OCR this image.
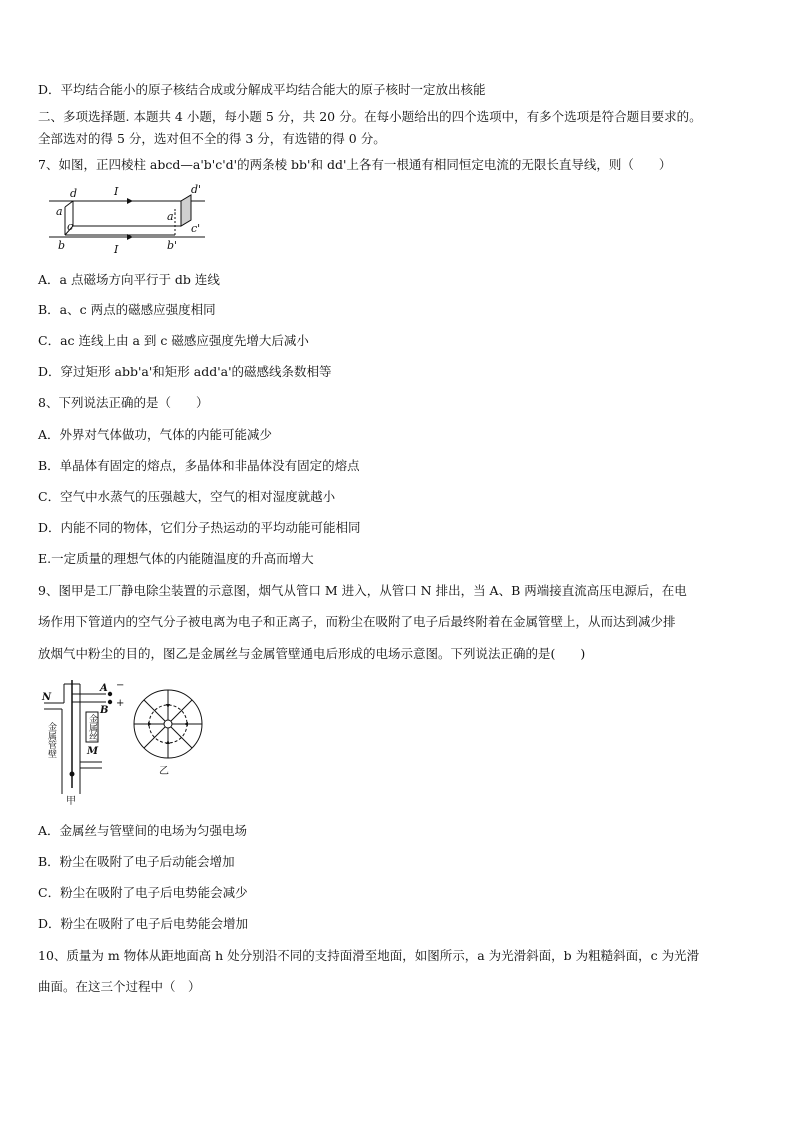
D．平均结合能小的原子核结合成或分解成平均结合能大的原子核时一定放出核能
二、多项选择题. 本题共 4 小题，每小题 5 分，共 20 分。在每小题给出的四个选项中，有多个选项是符合题目要求的。
全部选对的得 5 分，选对但不全的得 3 分，有选错的得 0 分。
7、如图，正四棱柱 abcd—a'b'c'd'的两条棱 bb'和 dd'上各有一根通有相同恒定电流的无限长直导线，则（　　）
d	d'
a	a'
c	c'
b	b'
I
I
A．a 点磁场方向平行于 db 连线
B．a、c 两点的磁感应强度相同
C．ac 连线上由 a 到 c 磁感应强度先增大后减小
D．穿过矩形 abb'a'和矩形 add'a'的磁感线条数相等
8、下列说法正确的是（　　）
A．外界对气体做功，气体的内能可能减少
B．单晶体有固定的熔点，多晶体和非晶体没有固定的熔点
C．空气中水蒸气的压强越大，空气的相对湿度就越小
D．内能不同的物体，它们分子热运动的平均动能可能相同
E.一定质量的理想气体的内能随温度的升高而增大
9、图甲是工厂静电除尘装置的示意图，烟气从管口 M 进入，从管口 N 排出，当 A、B 两端接直流高压电源后，在电
场作用下管道内的空气分子被电离为电子和正离子，而粉尘在吸附了电子后最终附着在金属管壁上，从而达到减少排
放烟气中粉尘的目的，图乙是金属丝与金属管壁通电后形成的电场示意图。下列说法正确的是(　　)
N
A
B
−
+
M
甲
乙
金属丝
金属管壁
A．金属丝与管壁间的电场为匀强电场
B．粉尘在吸附了电子后动能会增加
C．粉尘在吸附了电子后电势能会减少
D．粉尘在吸附了电子后电势能会增加
10、质量为 m 物体从距地面高 h 处分别沿不同的支持面滑至地面，如图所示，a 为光滑斜面，b 为粗糙斜面，c 为光滑
曲面。在这三个过程中（　）
